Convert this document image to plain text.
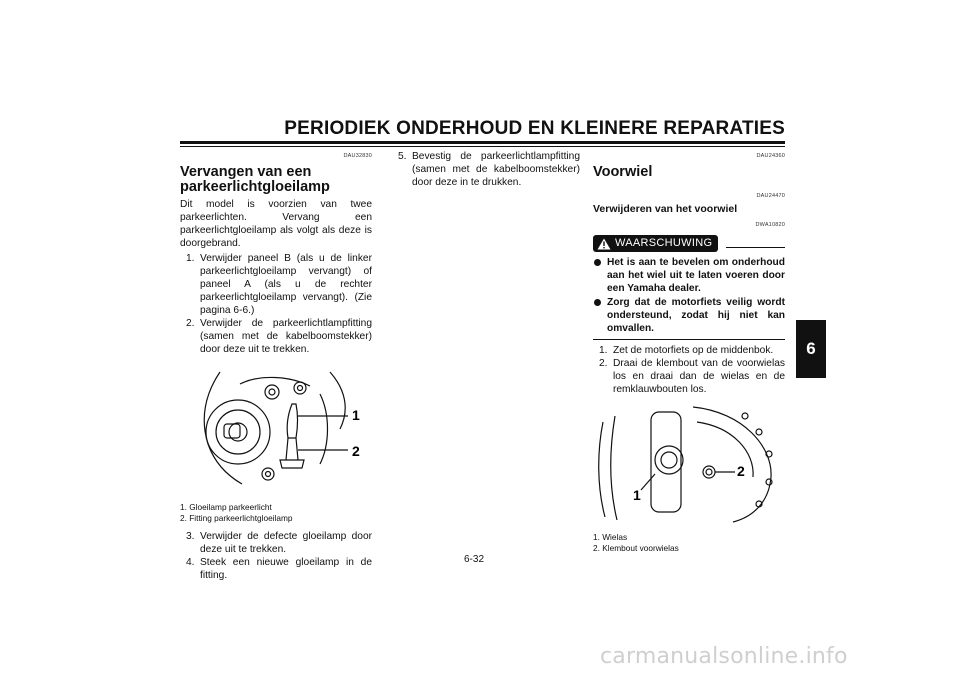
PERIODIEK ONDERHOUD EN KLEINERE REPARATIES
6
DAU32830
Vervangen van een parkeerlichtgloeilamp

Dit model is voorzien van twee parkeerlichten. Vervang een parkeerlichtgloeilamp als volgt als deze is doorgebrand.

1. Verwijder paneel B (als u de linker parkeerlichtgloeilamp vervangt) of paneel A (als u de rechter parkeerlichtgloeilamp vervangt). (Zie pagina 6-6.)
2. Verwijder de parkeerlichtlampfitting (samen met de kabelboomstekker) door deze uit te trekken.
1
2
1. Gloeilamp parkeerlicht
2. Fitting parkeerlichtgloeilamp
3. Verwijder de defecte gloeilamp door deze uit te trekken.
4. Steek een nieuwe gloeilamp in de fitting.
5. Bevestig de parkeerlichtlampfitting (samen met de kabelboomstekker) door deze in te drukken.
DAU24360
Voorwiel
DAU24470
Verwijderen van het voorwiel
DWA10820
WAARSCHUWING
Het is aan te bevelen om onderhoud aan het wiel uit te laten voeren door een Yamaha dealer.
Zorg dat de motorfiets veilig wordt ondersteund, zodat hij niet kan omvallen.
1. Zet de motorfiets op de middenbok.
2. Draai de klembout van de voorwielas los en draai dan de wielas en de remklauwbouten los.
1
2
1. Wielas
2. Klembout voorwielas
6-32
carmanualsonline.info
